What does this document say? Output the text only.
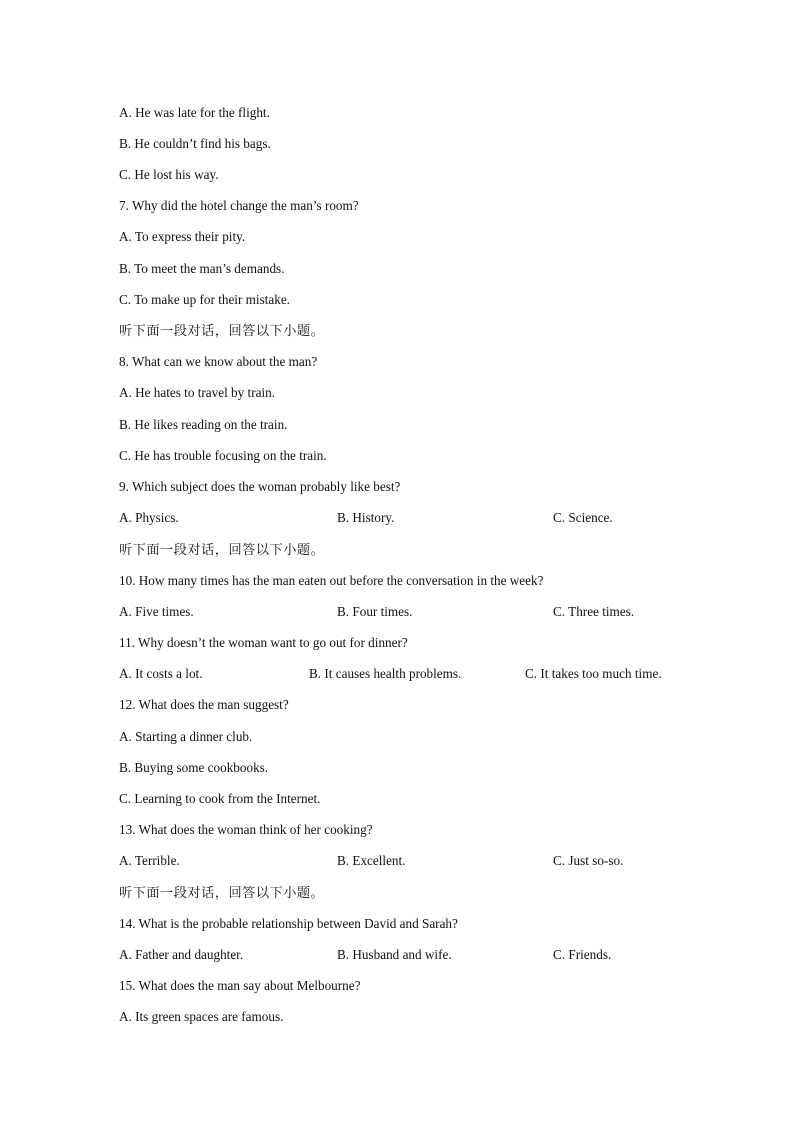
A. He was late for the flight.
B. He couldn’t find his bags.
C. He lost his way.
7. Why did the hotel change the man’s room?
A. To express their pity.
B. To meet the man’s demands.
C. To make up for their mistake.
听下面一段对话，回答以下小题。
8. What can we know about the man?
A. He hates to travel by train.
B. He likes reading on the train.
C. He has trouble focusing on the train.
9. Which subject does the woman probably like best?
A. Physics.	B. History.	C. Science.
听下面一段对话，回答以下小题。
10. How many times has the man eaten out before the conversation in the week?
A. Five times.	B. Four times.	C. Three times.
11. Why doesn’t the woman want to go out for dinner?
A. It costs a lot.	B. It causes health problems.	C. It takes too much time.
12. What does the man suggest?
A. Starting a dinner club.
B. Buying some cookbooks.
C. Learning to cook from the Internet.
13. What does the woman think of her cooking?
A. Terrible.	B. Excellent.	C. Just so-so.
听下面一段对话，回答以下小题。
14. What is the probable relationship between David and Sarah?
A. Father and daughter.	B. Husband and wife.	C. Friends.
15. What does the man say about Melbourne?
A. Its green spaces are famous.
